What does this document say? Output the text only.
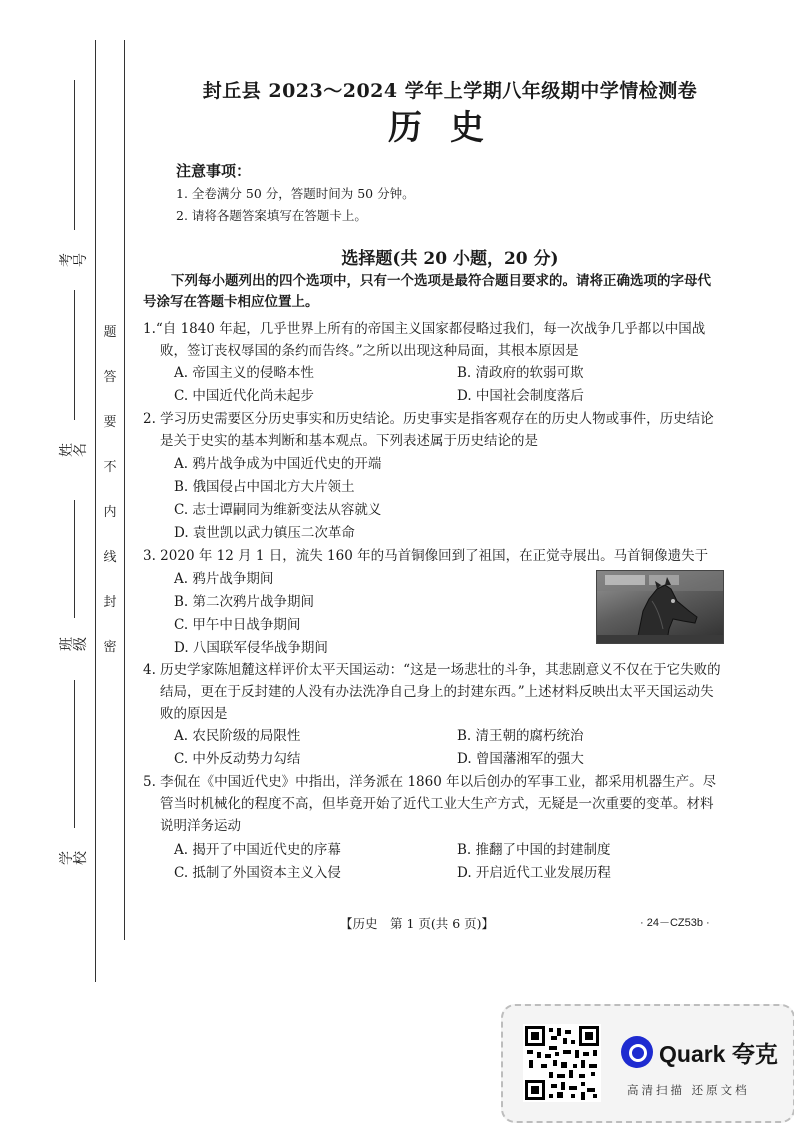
题
答
要
不
内
线
封
密
考号
姓名
班级
学校
封丘县 2023～2024 学年上学期八年级期中学情检测卷
历史
注意事项：
1. 全卷满分 50 分，答题时间为 50 分钟。
2. 请将各题答案填写在答题卡上。
选择题(共 20 小题，20 分)
下列每小题列出的四个选项中，只有一个选项是最符合题目要求的。请将正确选项的字母代号涂写在答题卡相应位置上。
1.“自 1840 年起，几乎世界上所有的帝国主义国家都侵略过我们，每一次战争几乎都以中国战败，签订丧权辱国的条约而告终。”之所以出现这种局面，其根本原因是
A. 帝国主义的侵略本性	B. 清政府的软弱可欺
C. 中国近代化尚未起步	D. 中国社会制度落后
2. 学习历史需要区分历史事实和历史结论。历史事实是指客观存在的历史人物或事件，历史结论是关于史实的基本判断和基本观点。下列表述属于历史结论的是
A. 鸦片战争成为中国近代史的开端
B. 俄国侵占中国北方大片领土
C. 志士谭嗣同为维新变法从容就义
D. 袁世凯以武力镇压二次革命
3. 2020 年 12 月 1 日，流失 160 年的马首铜像回到了祖国，在正觉寺展出。马首铜像遗失于
A. 鸦片战争期间
B. 第二次鸦片战争期间
C. 甲午中日战争期间
D. 八国联军侵华战争期间
4. 历史学家陈旭麓这样评价太平天国运动：“这是一场悲壮的斗争，其悲剧意义不仅在于它失败的结局，更在于反封建的人没有办法洗净自己身上的封建东西。”上述材料反映出太平天国运动失败的原因是
A. 农民阶级的局限性	B. 清王朝的腐朽统治
C. 中外反动势力勾结	D. 曾国藩湘军的强大
5. 李侃在《中国近代史》中指出，洋务派在 1860 年以后创办的军事工业，都采用机器生产。尽管当时机械化的程度不高，但毕竟开始了近代工业大生产方式，无疑是一次重要的变革。材料说明洋务运动
A. 揭开了中国近代史的序幕	B. 推翻了中国的封建制度
C. 抵制了外国资本主义入侵	D. 开启近代工业发展历程
【历史　第 1 页(共 6 页)】	· 24－CZ53b ·
Quark 夸克
高清扫描 还原文档
